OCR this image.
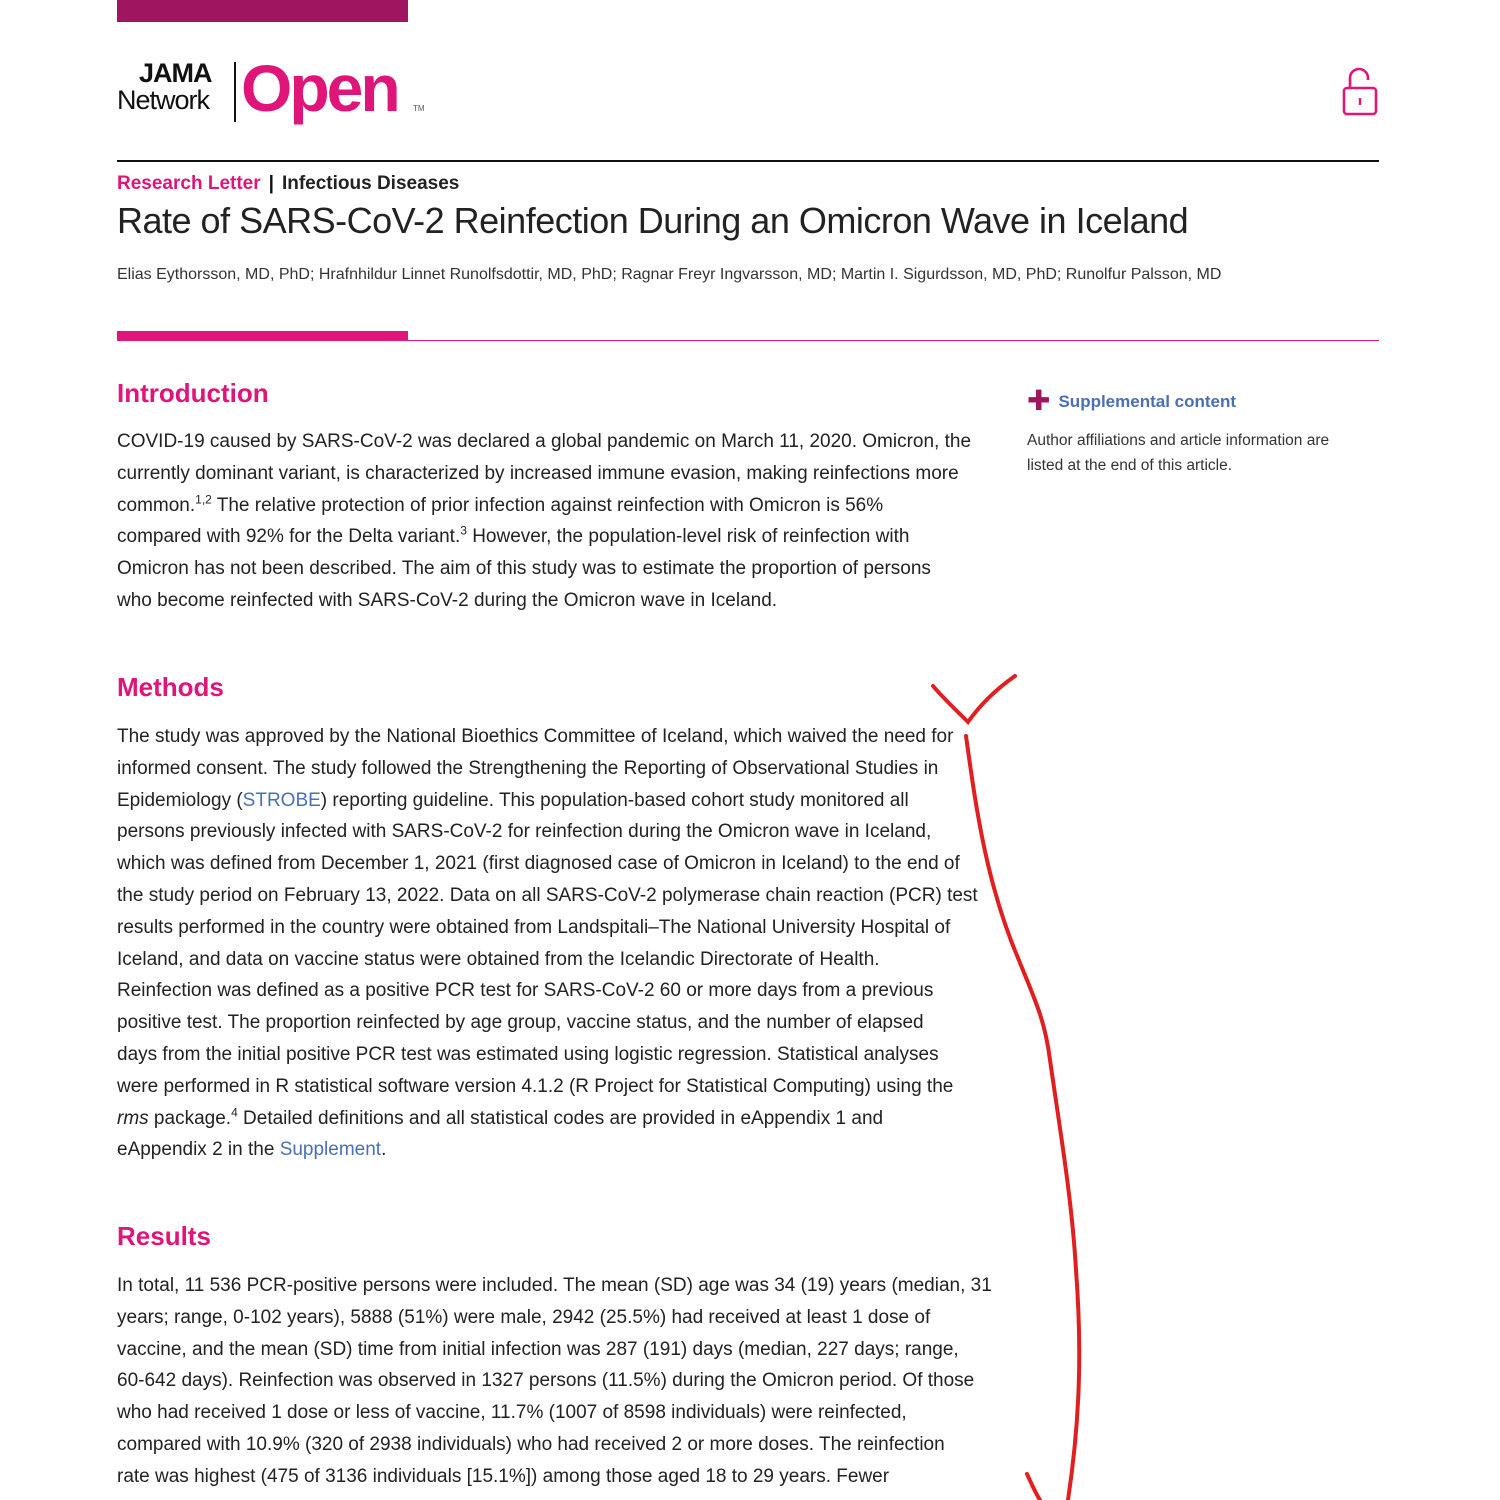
JAMA
Network Open TM
Research Letter | Infectious Diseases
Rate of SARS-CoV-2 Reinfection During an Omicron Wave in Iceland
Elias Eythorsson, MD, PhD; Hrafnhildur Linnet Runolfsdottir, MD, PhD; Ragnar Freyr Ingvarsson, MD; Martin I. Sigurdsson, MD, PhD; Runolfur Palsson, MD
✚ Supplemental content
Author affiliations and article information are listed at the end of this article.
Introduction
COVID-19 caused by SARS-CoV-2 was declared a global pandemic on March 11, 2020. Omicron, the
currently dominant variant, is characterized by increased immune evasion, making reinfections more
common.$^{1,2}$ The relative protection of prior infection against reinfection with Omicron is 56%
compared with 92% for the Delta variant.$^3$ However, the population-level risk of reinfection with
Omicron has not been described. The aim of this study was to estimate the proportion of persons
who become reinfected with SARS-CoV-2 during the Omicron wave in Iceland.
Methods
The study was approved by the National Bioethics Committee of Iceland, which waived the need for
informed consent. The study followed the Strengthening the Reporting of Observational Studies in
Epidemiology (STROBE) reporting guideline. This population-based cohort study monitored all
persons previously infected with SARS-CoV-2 for reinfection during the Omicron wave in Iceland,
which was defined from December 1, 2021 (first diagnosed case of Omicron in Iceland) to the end of
the study period on February 13, 2022. Data on all SARS-CoV-2 polymerase chain reaction (PCR) test
results performed in the country were obtained from Landspitali–The National University Hospital of
Iceland, and data on vaccine status were obtained from the Icelandic Directorate of Health.
Reinfection was defined as a positive PCR test for SARS-CoV-2 60 or more days from a previous
positive test. The proportion reinfected by age group, vaccine status, and the number of elapsed
days from the initial positive PCR test was estimated using logistic regression. Statistical analyses
were performed in R statistical software version 4.1.2 (R Project for Statistical Computing) using the
rms package.$^4$ Detailed definitions and all statistical codes are provided in eAppendix 1 and
eAppendix 2 in the Supplement.
Results
In total, 11 536 PCR-positive persons were included. The mean (SD) age was 34 (19) years (median, 31
years; range, 0-102 years), 5888 (51%) were male, 2942 (25.5%) had received at least 1 dose of
vaccine, and the mean (SD) time from initial infection was 287 (191) days (median, 227 days; range,
60-642 days). Reinfection was observed in 1327 persons (11.5%) during the Omicron period. Of those
who had received 1 dose or less of vaccine, 11.7% (1007 of 8598 individuals) were reinfected,
compared with 10.9% (320 of 2938 individuals) who had received 2 or more doses. The reinfection
rate was highest (475 of 3136 individuals [15.1%]) among those aged 18 to 29 years. Fewer
